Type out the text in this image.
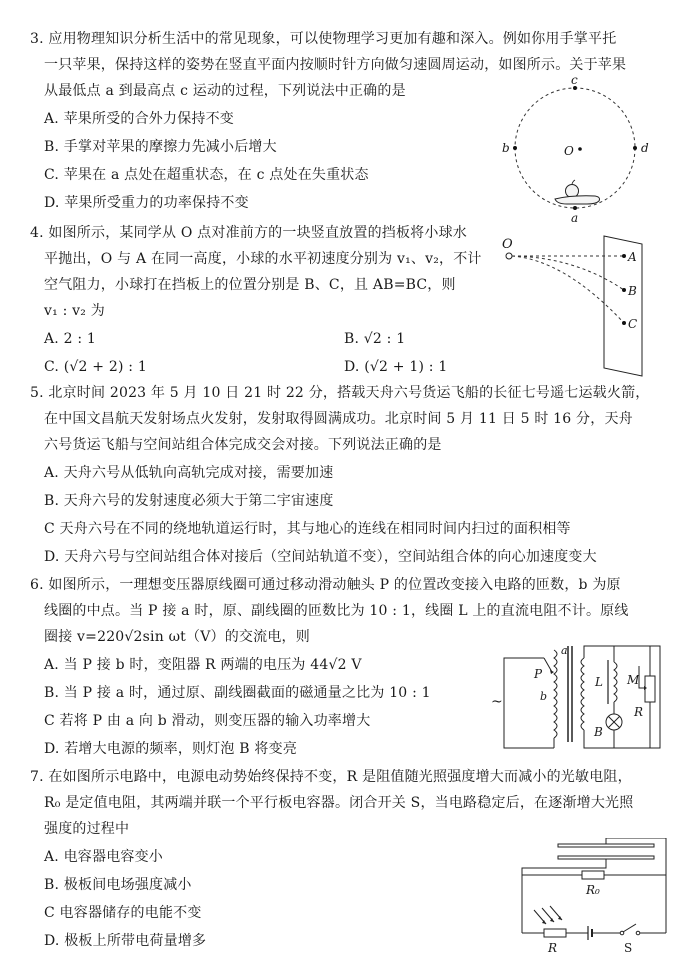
3. 应用物理知识分析生活中的常见现象，可以使物理学习更加有趣和深入。例如你用手掌平托
一只苹果，保持这样的姿势在竖直平面内按顺时针方向做匀速圆周运动，如图所示。关于苹果
从最低点 a 到最高点 c 运动的过程，下列说法中正确的是
A. 苹果所受的合外力保持不变
B. 手掌对苹果的摩擦力先减小后增大
C. 苹果在 a 点处在超重状态，在 c 点处在失重状态
D. 苹果所受重力的功率保持不变
c
b	O	d
a
4. 如图所示，某同学从 O 点对准前方的一块竖直放置的挡板将小球水
平抛出，O 与 A 在同一高度，小球的水平初速度分别为 v₁、v₂，不计
空气阻力，小球打在挡板上的位置分别是 B、C，且 AB=BC，则
v₁ : v₂ 为
A. 2 : 1	B. √2 : 1
C. (√2 + 2) : 1	D. (√2 + 1) : 1
O
A
B
C
5. 北京时间 2023 年 5 月 10 日 21 时 22 分，搭载天舟六号货运飞船的长征七号遥七运载火箭，
在中国文昌航天发射场点火发射，发射取得圆满成功。北京时间 5 月 11 日 5 时 16 分，天舟
六号货运飞船与空间站组合体完成交会对接。下列说法正确的是
A. 天舟六号从低轨向高轨完成对接，需要加速
B. 天舟六号的发射速度必须大于第二宇宙速度
C 天舟六号在不同的绕地轨道运行时，其与地心的连线在相同时间内扫过的面积相等
D. 天舟六号与空间站组合体对接后（空间站轨道不变），空间站组合体的向心加速度变大
6. 如图所示，一理想变压器原线圈可通过移动滑动触头 P 的位置改变接入电路的匝数，b 为原
线圈的中点。当 P 接 a 时，原、副线圈的匝数比为 10 : 1，线圈 L 上的直流电阻不计。原线
圈接 v=220√2sin ωt（V）的交流电，则
A. 当 P 接 b 时，变阻器 R 两端的电压为 44√2 V
B. 当 P 接 a 时，通过原、副线圈截面的磁通量之比为 10 : 1
C 若将 P 由 a 向 b 滑动，则变压器的输入功率增大
D. 若增大电源的频率，则灯泡 B 将变亮
~
P
a
b
L
B
M
R
7. 在如图所示电路中，电源电动势始终保持不变，R 是阻值随光照强度增大而减小的光敏电阻，
R₀ 是定值电阻，其两端并联一个平行板电容器。闭合开关 S，当电路稳定后，在逐渐增大光照
强度的过程中
A. 电容器电容变小
B. 极板间电场强度减小
C 电容器储存的电能不变
D. 极板上所带电荷量增多
R₀
R	S
